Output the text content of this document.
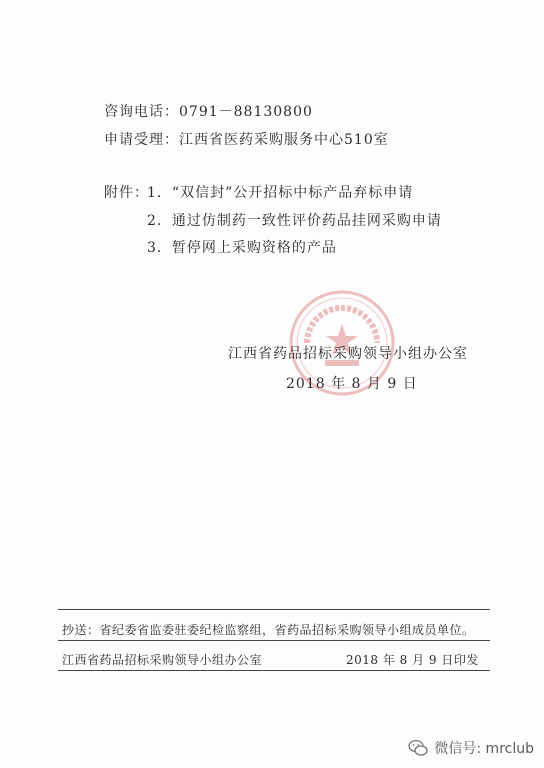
咨询电话：0791－88130800
申请受理：江西省医药采购服务中心510室
附件：
1．“双信封”公开招标中标产品弃标申请
2．通过仿制药一致性评价药品挂网采购申请
3．暂停网上采购资格的产品
江西省药品招标采购领导小组办公室
2018 年 8 月 9 日
抄送：省纪委省监委驻委纪检监察组，省药品招标采购领导小组成员单位。
江西省药品招标采购领导小组办公室	2018 年 8 月 9 日印发
微信号: mrclub
